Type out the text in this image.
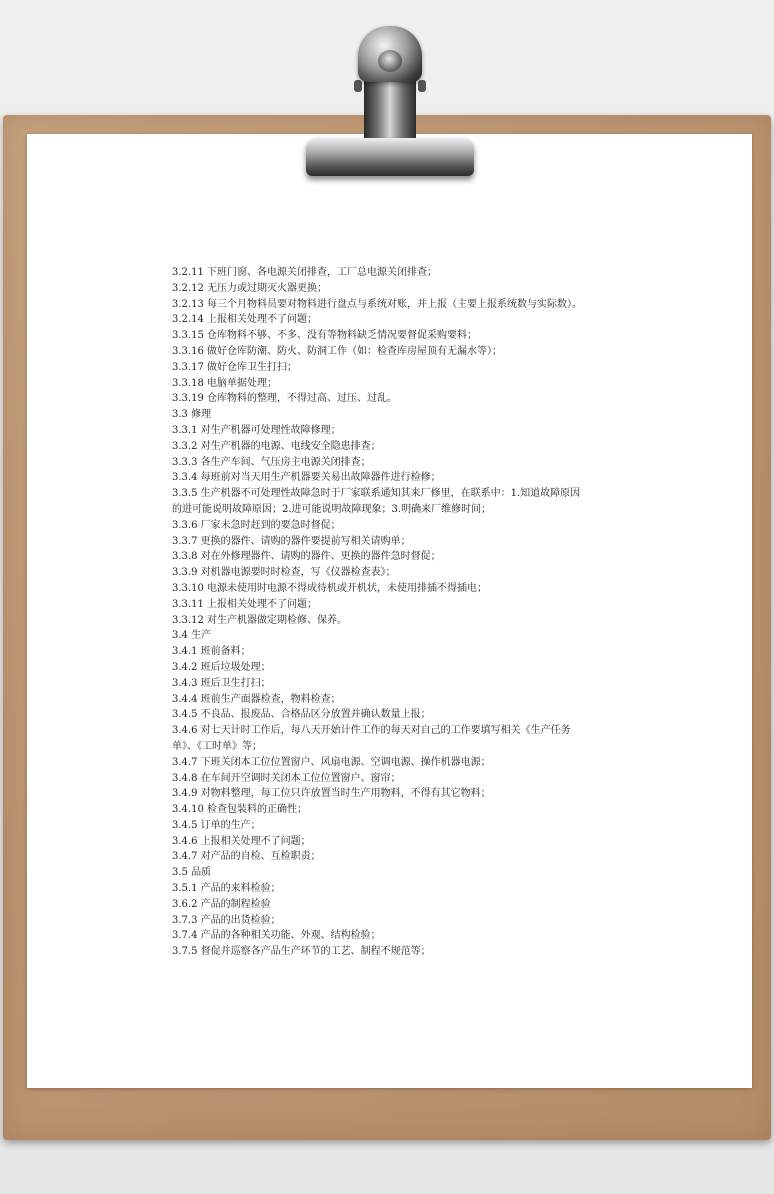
3.2.11 下班门窗、各电源关闭排查，工厂总电源关闭排查；
3.2.12 无压力或过期灭火器更换；
3.2.13 每三个月物料员要对物料进行盘点与系统对账，并上报（主要上报系统数与实际数）。
3.2.14 上报相关处理不了问题；
3.3.15 仓库物料不够、不多、没有等物料缺乏情况要督促采购要料；
3.3.16 做好仓库防潮、防火、防洞工作（如：检查库房屋顶有无漏水等）；
3.3.17 做好仓库卫生打扫；
3.3.18 电脑单据处理；
3.3.19 仓库物料的整理，不得过高、过压、过乱。
3.3 修理
3.3.1 对生产机器可处理性故障修理；
3.3.2 对生产机器的电源、电线安全隐患排查；
3.3.3 各生产车间、气压房主电源关闭排查；
3.3.4 每班前对当天用生产机器要关易出故障器件进行检修；
3.3.5 生产机器不可处理性故障急时于厂家联系通知其来厂修里，在联系中：1.知道故障原因
的进可能说明故障原因；2.进可能说明故障现象；3.明确来厂维修时间；
3.3.6 厂家未急时赶到的要急时督促；
3.3.7 更换的器件、请购的器件要提前写相关请购单；
3.3.8 对在外修理器件、请购的器件、更换的器件急时督促；
3.3.9 对机器电源要时时检查，写《仪器检查表》；
3.3.10 电源未使用时电源不得成待机或开机状，未使用排插不得插电；
3.3.11 上报相关处理不了问题；
3.3.12 对生产机器做定期检修、保养。
3.4 生产
3.4.1 班前备料；
3.4.2 班后垃圾处理；
3.4.3 班后卫生打扫；
3.4.4 班前生产面器检查，物料检查；
3.4.5 不良品、报废品、合格品区分放置并确认数量上报；
3.4.6 对七天计时工作后，每八天开始计件工作的每天对自己的工作要填写相关《生产任务
单》、《工时单》等；
3.4.7 下班关闭本工位位置窗户、风扇电源、空调电源、操作机器电源；
3.4.8 在车间开空调时关闭本工位位置窗户、窗帘；
3.4.9 对物料整理，每工位只许放置当时生产用物料，不得有其它物料；
3.4.10 检查包装料的正确性；
3.4.5 订单的生产；
3.4.6 上报相关处理不了问题；
3.4.7 对产品的自检、互检职责；
3.5 品质
3.5.1 产品的来料检验；
3.6.2 产品的制程检验
3.7.3 产品的出货检验；
3.7.4 产品的各种相关功能、外观、结构检验；
3.7.5 督促并巡察各产品生产环节的工艺、制程不规范等；
